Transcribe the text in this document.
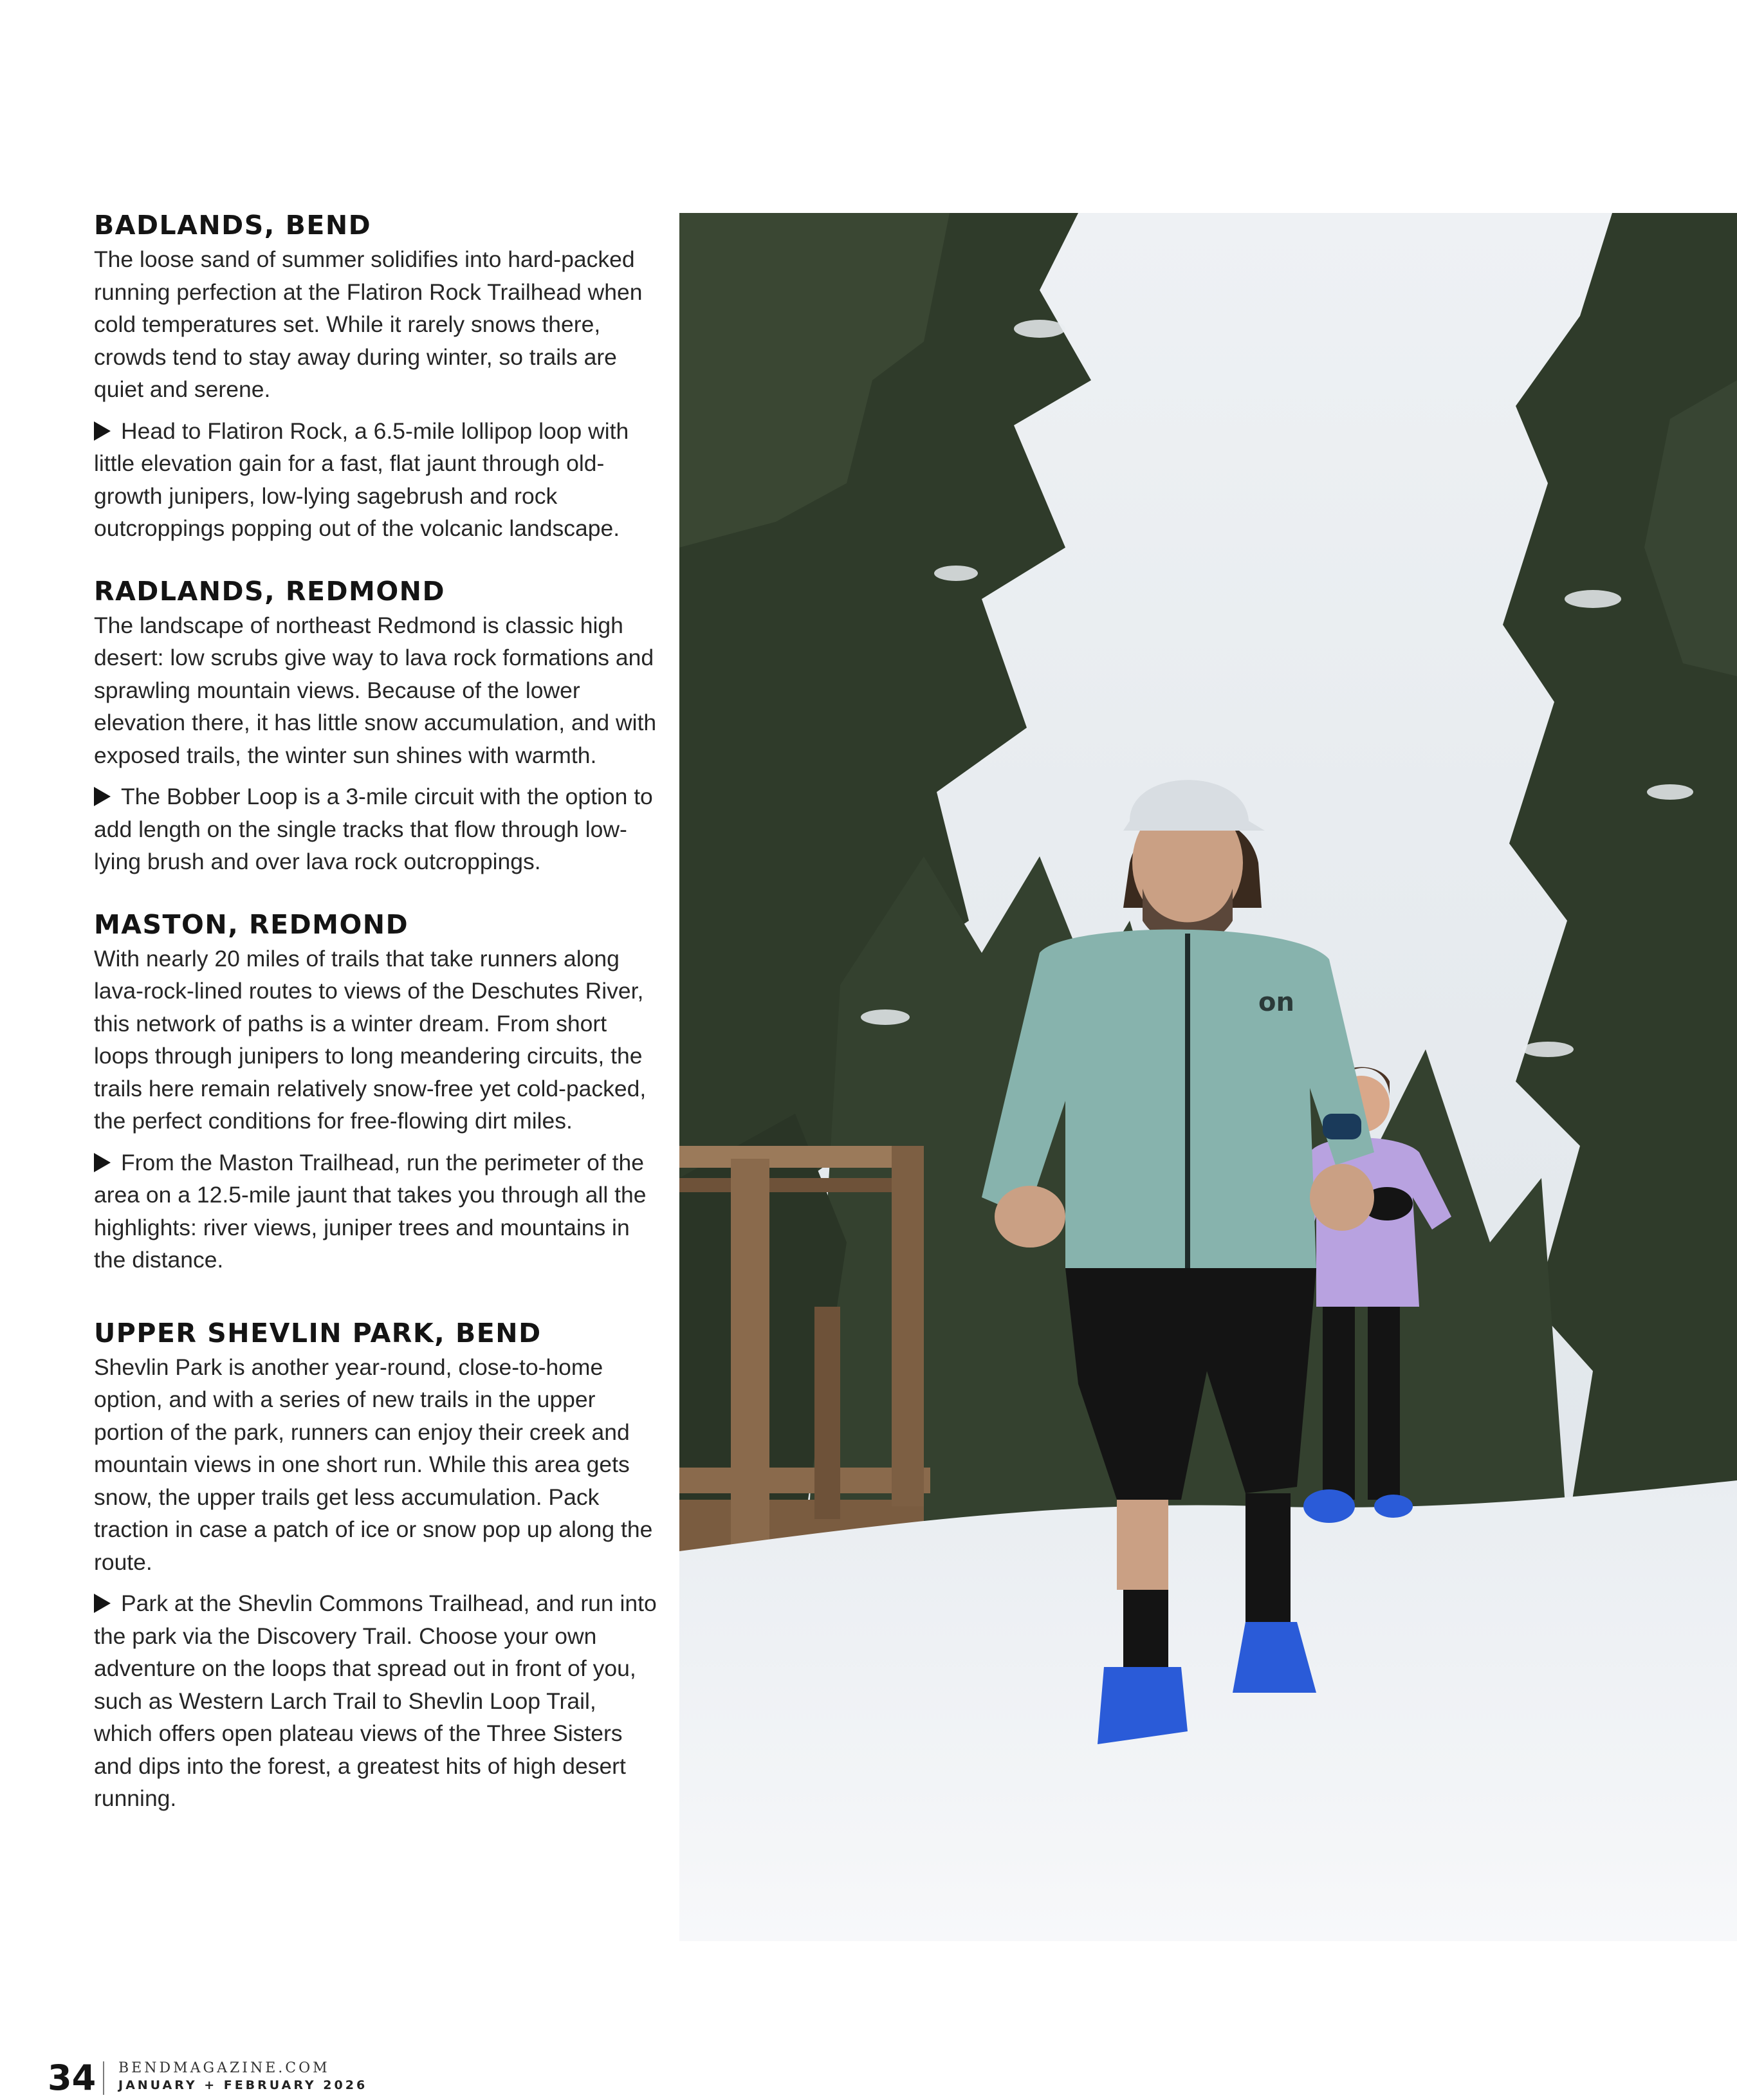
BADLANDS, BEND

The loose sand of summer solidifies into hard-packed running perfection at the Flatiron Rock Trailhead when cold temperatures set. While it rarely snows there, crowds tend to stay away during winter, so trails are quiet and serene.

Head to Flatiron Rock, a 6.5-mile lollipop loop with little elevation gain for a fast, flat jaunt through old-growth junipers, low-lying sagebrush and rock outcroppings popping out of the volcanic landscape.

RADLANDS, REDMOND

The landscape of northeast Redmond is classic high desert: low scrubs give way to lava rock formations and sprawling mountain views. Because of the lower elevation there, it has little snow accumulation, and with exposed trails, the winter sun shines with warmth.

The Bobber Loop is a 3-mile circuit with the option to add length on the single tracks that flow through low-lying brush and over lava rock outcroppings.

MASTON, REDMOND

With nearly 20 miles of trails that take runners along lava-rock-lined routes to views of the Deschutes River, this network of paths is a winter dream. From short loops through junipers to long meandering circuits, the trails here remain relatively snow-free yet cold-packed, the perfect conditions for free-flowing dirt miles.

From the Maston Trailhead, run the perimeter of the area on a 12.5-mile jaunt that takes you through all the highlights: river views, juniper trees and mountains in the distance.

UPPER SHEVLIN PARK, BEND

Shevlin Park is another year-round, close-to-home option, and with a series of new trails in the upper portion of the park, runners can enjoy their creek and mountain views in one short run. While this area gets snow, the upper trails get less accumulation. Pack traction in case a patch of ice or snow pop up along the route.

Park at the Shevlin Commons Trailhead, and run into the park via the Discovery Trail. Choose your own adventure on the loops that spread out in front of you, such as Western Larch Trail to Shevlin Loop Trail, which offers open plateau views of the Three Sisters and dips into the forest, a greatest hits of high desert running.

on
34 BENDMAGAZINE.COM
JANUARY + FEBRUARY 2026
